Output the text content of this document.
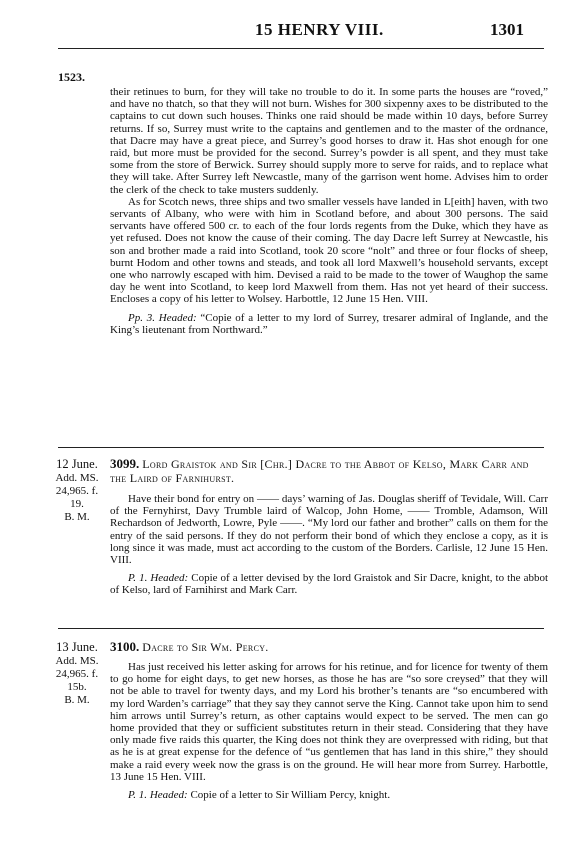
15 HENRY VIII.	1301
1523.

their retinues to burn, for they will take no trouble to do it. In some parts the houses are “roved,” and have no thatch, so that they will not burn. Wishes for 300 sixpenny axes to be distributed to the captains to cut down such houses. Thinks one raid should be made within 10 days, before Surrey returns. If so, Surrey must write to the captains and gentlemen and to the master of the ordnance, that Dacre may have a great piece, and Surrey’s good horses to draw it. Has shot enough for one raid, but more must be provided for the second. Surrey’s powder is all spent, and they must take some from the store of Berwick. Surrey should supply more to serve for raids, and to replace what they will take. After Surrey left Newcastle, many of the garrison went home. Advises him to order the clerk of the check to take musters suddenly.

As for Scotch news, three ships and two smaller vessels have landed in L[eith] haven, with two servants of Albany, who were with him in Scotland before, and about 300 persons. The said servants have offered 500 cr. to each of the four lords regents from the Duke, which they have as yet refused. Does not know the cause of their coming. The day Dacre left Surrey at Newcastle, his son and brother made a raid into Scotland, took 20 score “nolt” and three or four flocks of sheep, burnt Hodom and other towns and steads, and took all lord Maxwell’s household servants, except one who narrowly escaped with him. Devised a raid to be made to the tower of Waughop the same day he went into Scotland, to keep lord Maxwell from them. Has not yet heard of their success. Encloses a copy of his letter to Wolsey. Harbottle, 12 June 15 Hen. VIII.

Pp. 3. Headed: “Copie of a letter to my lord of Surrey, tresarer admiral of Inglande, and the King’s lieutenant from Northward.”

12 June.
Add. MS.
24,965. f. 19.
B. M.
3099. Lord Graistok and Sir [Chr.] Dacre to the Abbot of Kelso, Mark Carr and the Laird of Farnihurst.

Have their bond for entry on —— days’ warning of Jas. Douglas sheriff of Tevidale, Will. Carr of the Fernyhirst, Davy Trumble laird of Walcop, John Home, —— Tromble, Adamson, Will Rechardson of Jedworth, Lowre, Pyle ——. “My lord our father and brother” calls on them for the entry of the said persons. If they do not perform their bond of which they enclose a copy, as it is long since it was made, must act according to the custom of the Borders. Carlisle, 12 June 15 Hen. VIII.

P. 1. Headed: Copie of a letter devised by the lord Graistok and Sir Dacre, knight, to the abbot of Kelso, lard of Farnihirst and Mark Carr.

13 June.
Add. MS.
24,965. f. 15b.
B. M.
3100. Dacre to Sir Wm. Percy.

Has just received his letter asking for arrows for his retinue, and for licence for twenty of them to go home for eight days, to get new horses, as those he has are “so sore creysed” that they will not be able to travel for twenty days, and my Lord his brother’s tenants are “so encumbered with my lord Warden’s carriage” that they say they cannot serve the King. Cannot take upon him to send him arrows until Surrey’s return, as other captains would expect to be served. The men can go home provided that they or sufficient substitutes return in their stead. Considering that they have only made five raids this quarter, the King does not think they are overpressed with riding, but that as he is at great expense for the defence of “us gentlemen that has land in this shire,” they should make a raid every week now the grass is on the ground. He will hear more from Surrey. Harbottle, 13 June 15 Hen. VIII.

P. 1. Headed: Copie of a letter to Sir William Percy, knight.
